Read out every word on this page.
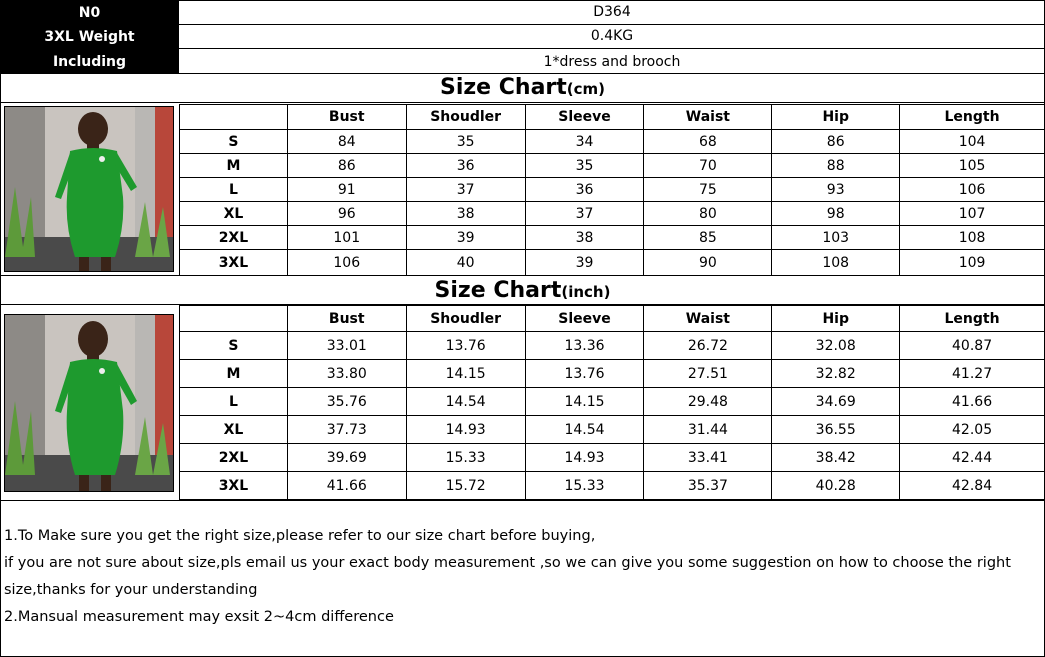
N0	D364
3XL Weight	0.4KG
Including	1*dress and brooch
Size Chart (cm)
	Bust	Shoudler	Sleeve	Waist	Hip	Length
S	84	35	34	68	86	104
M	86	36	35	70	88	105
L	91	37	36	75	93	106
XL	96	38	37	80	98	107
2XL	101	39	38	85	103	108
3XL	106	40	39	90	108	109
Size Chart (inch)
	Bust	Shoudler	Sleeve	Waist	Hip	Length
S	33.01	13.76	13.36	26.72	32.08	40.87
M	33.80	14.15	13.76	27.51	32.82	41.27
L	35.76	14.54	14.15	29.48	34.69	41.66
XL	37.73	14.93	14.54	31.44	36.55	42.05
2XL	39.69	15.33	14.93	33.41	38.42	42.44
3XL	41.66	15.72	15.33	35.37	40.28	42.84
1.To Make sure you get the right size,please refer to our size chart before buying,
if you are not sure about size,pls email us your exact body measurement ,so we can give you some suggestion on how to choose the right
size,thanks for your understanding
2.Mansual measurement may exsit 2~4cm difference
